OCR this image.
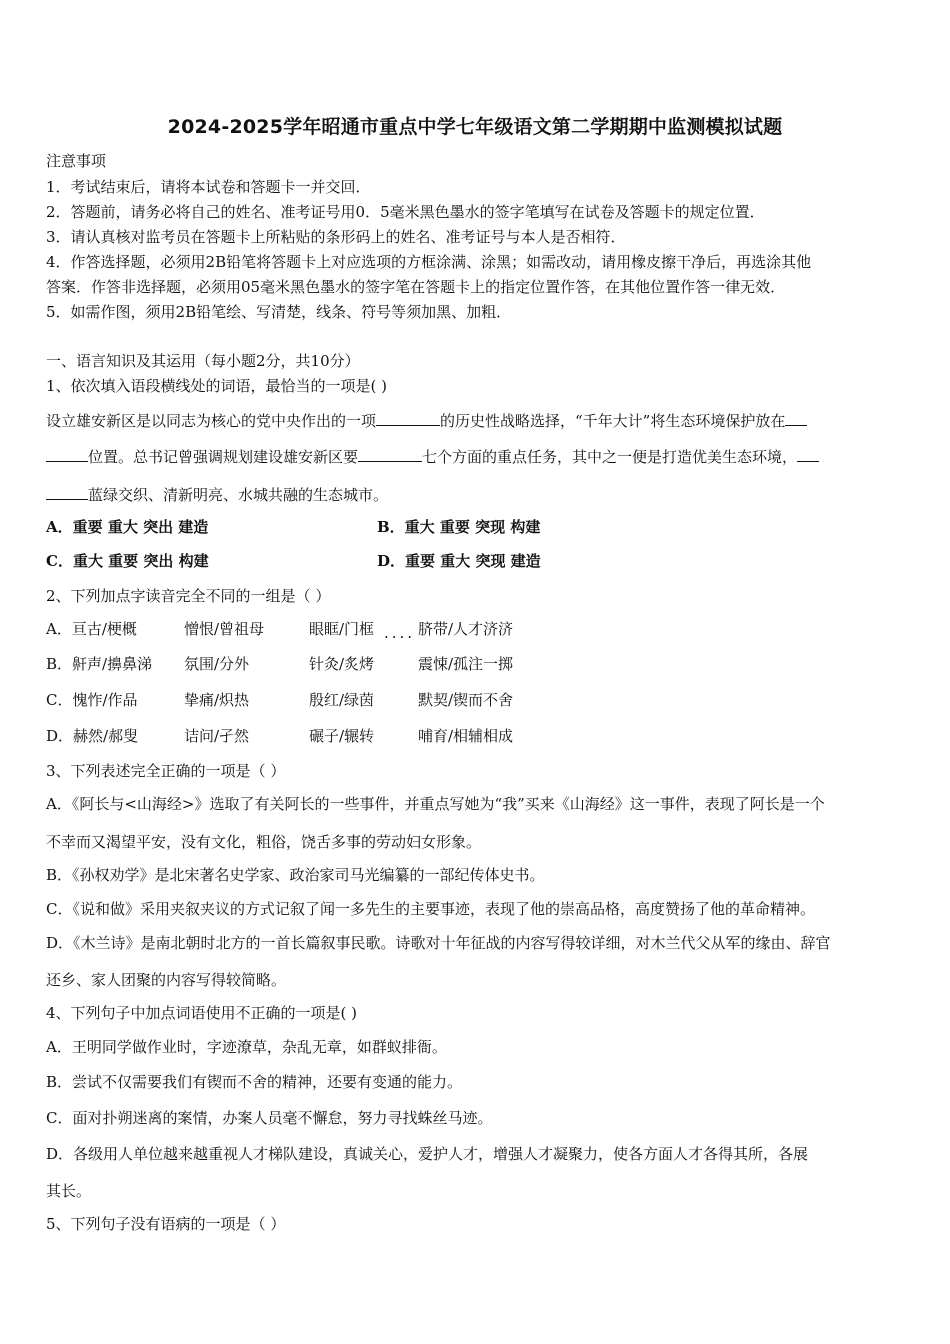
2024-2025学年昭通市重点中学七年级语文第二学期期中监测模拟试题
注意事项
1．考试结束后，请将本试卷和答题卡一并交回．
2．答题前，请务必将自己的姓名、准考证号用0．5毫米黑色墨水的签字笔填写在试卷及答题卡的规定位置．
3．请认真核对监考员在答题卡上所粘贴的条形码上的姓名、准考证号与本人是否相符．
4．作答选择题，必须用2B铅笔将答题卡上对应选项的方框涂满、涂黑；如需改动，请用橡皮擦干净后，再选涂其他
答案．作答非选择题，必须用05毫米黑色墨水的签字笔在答题卡上的指定位置作答，在其他位置作答一律无效．
5．如需作图，须用2B铅笔绘、写清楚，线条、符号等须加黑、加粗．
一、语言知识及其运用（每小题2分，共10分）
1、依次填入语段横线处的词语，最恰当的一项是( )
设立雄安新区是以同志为核心的党中央作出的一项	的历史性战略选择，“千年大计”将生态环境保护放在
位置。总书记曾强调规划建设雄安新区要	七个方面的重点任务，其中之一便是打造优美生态环境，
蓝绿交织、清新明亮、水城共融的生态城市。
A．重要 重大 突出 建造	B．重大 重要 突现 构建
C．重大 重要 突出 构建	D．重要 重大 突现 建造
2、下列加点字读音完全不同的一组是（ ）
A．亘古/梗概	憎恨/曾祖母	眼眶/门框	脐带/人才济济
....
B．鼾声/擤鼻涕 氛围/分外	针灸/炙烤	震悚/孤注一掷
C．愧怍/作品	挚痛/炽热	殷红/绿茵	默契/锲而不舍
D．赫然/郝叟	诘问/孑然	碾子/辗转	哺育/相辅相成
3、下列表述完全正确的一项是（ ）
A．《阿长与<山海经>》选取了有关阿长的一些事件，并重点写她为“我”买来《山海经》这一事件，表现了阿长是一个
不幸而又渴望平安，没有文化，粗俗，饶舌多事的劳动妇女形象。
B．《孙权劝学》是北宋著名史学家、政治家司马光编纂的一部纪传体史书。
C．《说和做》采用夹叙夹议的方式记叙了闻一多先生的主要事迹，表现了他的崇高品格，高度赞扬了他的革命精神。
D．《木兰诗》是南北朝时北方的一首长篇叙事民歌。诗歌对十年征战的内容写得较详细，对木兰代父从军的缘由、辞官
还乡、家人团聚的内容写得较简略。
4、下列句子中加点词语使用不正确的一项是( )
A．王明同学做作业时，字迹潦草，杂乱无章，如群蚁排衙。
B．尝试不仅需要我们有锲而不舍的精神，还要有变通的能力。
C．面对扑朔迷离的案情，办案人员毫不懈怠，努力寻找蛛丝马迹。
D．各级用人单位越来越重视人才梯队建设，真诚关心，爱护人才，增强人才凝聚力，使各方面人才各得其所，各展
其长。
5、下列句子没有语病的一项是（ ）
